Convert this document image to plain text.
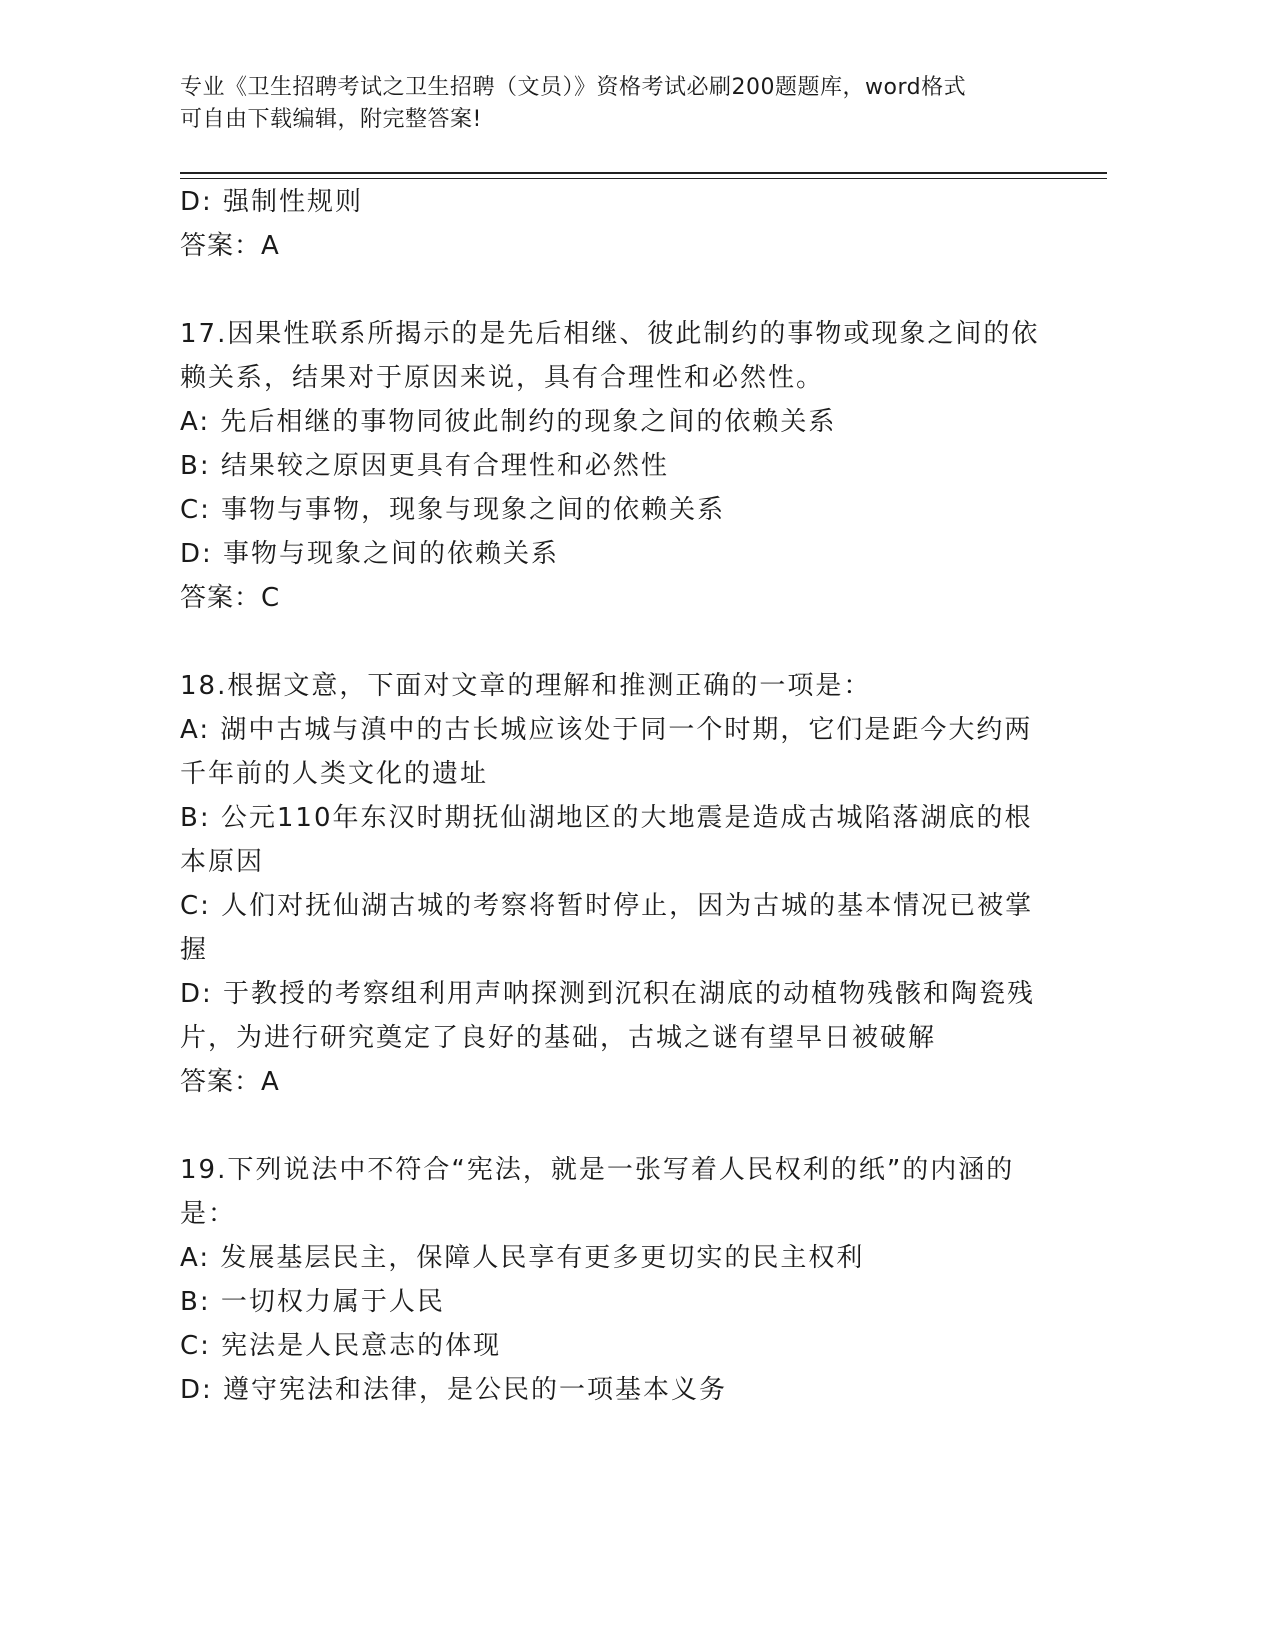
专业《卫生招聘考试之卫生招聘（文员）》资格考试必刷200题题库，word格式
可自由下载编辑，附完整答案!
D: 强制性规则
答案：A
17.因果性联系所揭示的是先后相继、彼此制约的事物或现象之间的依
赖关系，结果对于原因来说，具有合理性和必然性。
A: 先后相继的事物同彼此制约的现象之间的依赖关系
B: 结果较之原因更具有合理性和必然性
C: 事物与事物，现象与现象之间的依赖关系
D: 事物与现象之间的依赖关系
答案：C
18.根据文意，下面对文章的理解和推测正确的一项是：
A: 湖中古城与滇中的古长城应该处于同一个时期，它们是距今大约两
千年前的人类文化的遗址
B: 公元110年东汉时期抚仙湖地区的大地震是造成古城陷落湖底的根
本原因
C: 人们对抚仙湖古城的考察将暂时停止，因为古城的基本情况已被掌
握
D: 于教授的考察组利用声呐探测到沉积在湖底的动植物残骸和陶瓷残
片，为进行研究奠定了良好的基础，古城之谜有望早日被破解
答案：A
19.下列说法中不符合“宪法，就是一张写着人民权利的纸”的内涵的
是：
A: 发展基层民主，保障人民享有更多更切实的民主权利
B: 一切权力属于人民
C: 宪法是人民意志的体现
D: 遵守宪法和法律，是公民的一项基本义务
